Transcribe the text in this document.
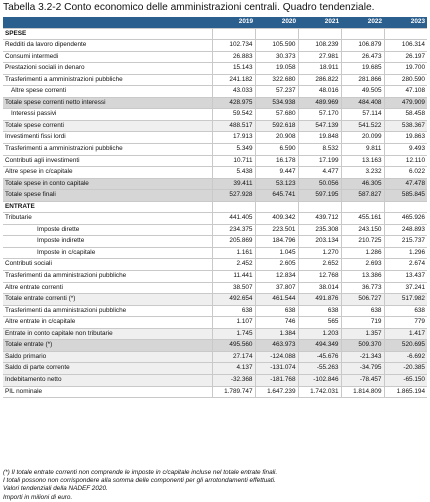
Tabella 3.2-2 Conto economico delle amministrazioni centrali. Quadro tendenziale.
	2019	2020	2021	2022	2023
SPESE					
Redditi da lavoro dipendente	102.734	105.590	108.239	106.879	106.314
Consumi intermedi	26.883	30.373	27.981	26.473	26.197
Prestazioni sociali in denaro	15.143	19.058	18.911	19.685	19.700
Trasferimenti a amministrazioni pubbliche	241.182	322.680	286.822	281.866	280.590
Altre spese correnti	43.033	57.237	48.016	49.505	47.108
Totale spese correnti netto interessi	428.975	534.938	489.969	484.408	479.909
Interessi passivi	59.542	57.680	57.170	57.114	58.458
Totale spese correnti	488.517	592.618	547.139	541.522	538.367
Investimenti fissi lordi	17.913	20.908	19.848	20.099	19.863
Trasferimenti a amministrazioni pubbliche	5.349	6.590	8.532	9.811	9.493
Contributi agli investimenti	10.711	16.178	17.199	13.163	12.110
Altre spese in c/capitale	5.438	9.447	4.477	3.232	6.022
Totale spese in conto capitale	39.411	53.123	50.056	46.305	47.478
Totale spese finali	527.928	645.741	597.195	587.827	585.845
ENTRATE					
Tributarie	441.405	409.342	439.712	455.161	465.926
Imposte dirette	234.375	223.501	235.308	243.150	248.893
Imposte indirette	205.869	184.796	203.134	210.725	215.737
Imposte in c/capitale	1.161	1.045	1.270	1.286	1.296
Contributi sociali	2.452	2.605	2.652	2.693	2.674
Trasferimenti da amministrazioni pubbliche	11.441	12.834	12.768	13.386	13.437
Altre entrate correnti	38.507	37.807	38.014	36.773	37.241
Totale entrate correnti (*)	492.654	461.544	491.876	506.727	517.982
Trasferimenti da amministrazioni pubbliche	638	638	638	638	638
Altre entrate in c/capitale	1.107	746	565	719	779
Entrate in conto capitale non tributarie	1.745	1.384	1.203	1.357	1.417
Totale entrate (*)	495.560	463.973	494.349	509.370	520.695
Saldo primario	27.174	-124.088	-45.676	-21.343	-6.692
Saldo di parte corrente	4.137	-131.074	-55.263	-34.795	-20.385
Indebitamento netto	-32.368	-181.768	-102.846	-78.457	-65.150
PIL nominale	1.789.747	1.647.239	1.742.031	1.814.809	1.865.194
(*) Il totale entrate correnti non comprende le imposte in c/capitale incluse nel totale entrate finali.
I totali possono non corrispondere alla somma delle componenti per gli arrotondamenti effettuati.
Valori tendenziali della NADEF 2020.
Importi in milioni di euro.
